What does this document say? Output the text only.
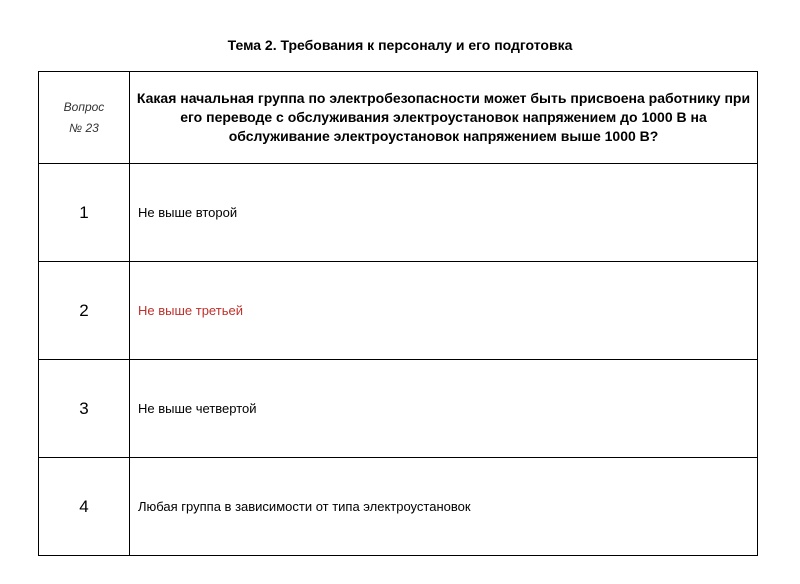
Тема 2. Требования к персоналу и его подготовка
Вопрос
№ 23	Какая начальная группа по электробезопасности может быть присвоена работнику при его переводе с обслуживания электроустановок напряжением до 1000 В на обслуживание электроустановок напряжением выше 1000 В?
1	Не выше второй
2	Не выше третьей
3	Не выше четвертой
4	Любая группа в зависимости от типа электроустановок
